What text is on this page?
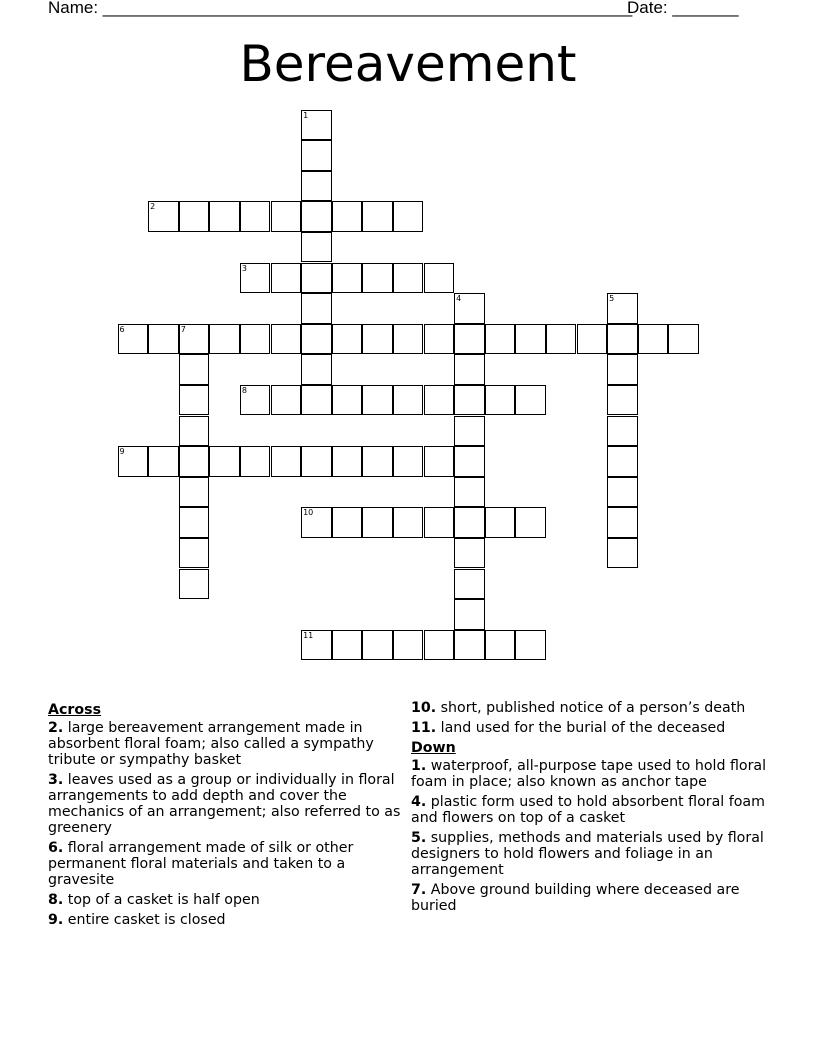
Name: ________________________________________________________
Date: _______
Bereavement
1
2
3
4	5
6	7
8
9
10
11
Across
2. large bereavement arrangement made in absorbent floral foam; also called a sympathy tribute or sympathy basket
3. leaves used as a group or individually in floral arrangements to add depth and cover the mechanics of an arrangement; also referred to as greenery
6. floral arrangement made of silk or other permanent floral materials and taken to a gravesite
8. top of a casket is half open
9. entire casket is closed
10. short, published notice of a person’s death
11. land used for the burial of the deceased
Down
1. waterproof, all-purpose tape used to hold floral foam in place; also known as anchor tape
4. plastic form used to hold absorbent floral foam and flowers on top of a casket
5. supplies, methods and materials used by floral designers to hold flowers and foliage in an arrangement
7. Above ground building where deceased are buried
